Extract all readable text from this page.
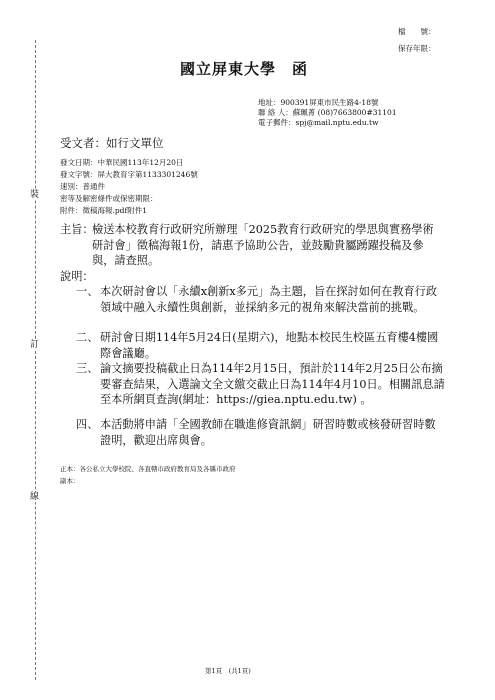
裝
訂
線
檔　　號：
保存年限：
國立屏東大學　函
地址：900391屏東市民生路4-18號
聯 絡 人：蘇珮菁 (08)7663800#31101
電子郵件：spj@mail.nptu.edu.tw
受文者：如行文單位
發文日期：中華民國113年12月20日
發文字號：屏大教育字第1133301246號
速別：普通件
密等及解密條件或保密期限：
附件：徵稿海報.pdf附件1
主旨：
檢送本校教育行政研究所辦理「2025教育行政研究的學思與實務學術研討會」徵稿海報1份，請惠予協助公告，並鼓勵貴屬踴躍投稿及參與，請查照。
說明：
一、 本次研討會以「永續x創新x多元」為主題，旨在探討如何在教育行政領域中融入永續性與創新，並採納多元的視角來解決當前的挑戰。
二、 研討會日期114年5月24日(星期六)，地點本校民生校區五育樓4樓國際會議廳。
三、 論文摘要投稿截止日為114年2月15日，預計於114年2月25日公布摘要審查結果，入選論文全文繳交截止日為114年4月10日。相關訊息請至本所網頁查詢(網址：https://giea.nptu.edu.tw) 。
四、 本活動將申請「全國教師在職進修資訊網」研習時數或核發研習時數證明，歡迎出席與會。
正本：各公私立大學校院、各直轄市政府教育局及各縣市政府
副本：
第1頁　(共1頁)
